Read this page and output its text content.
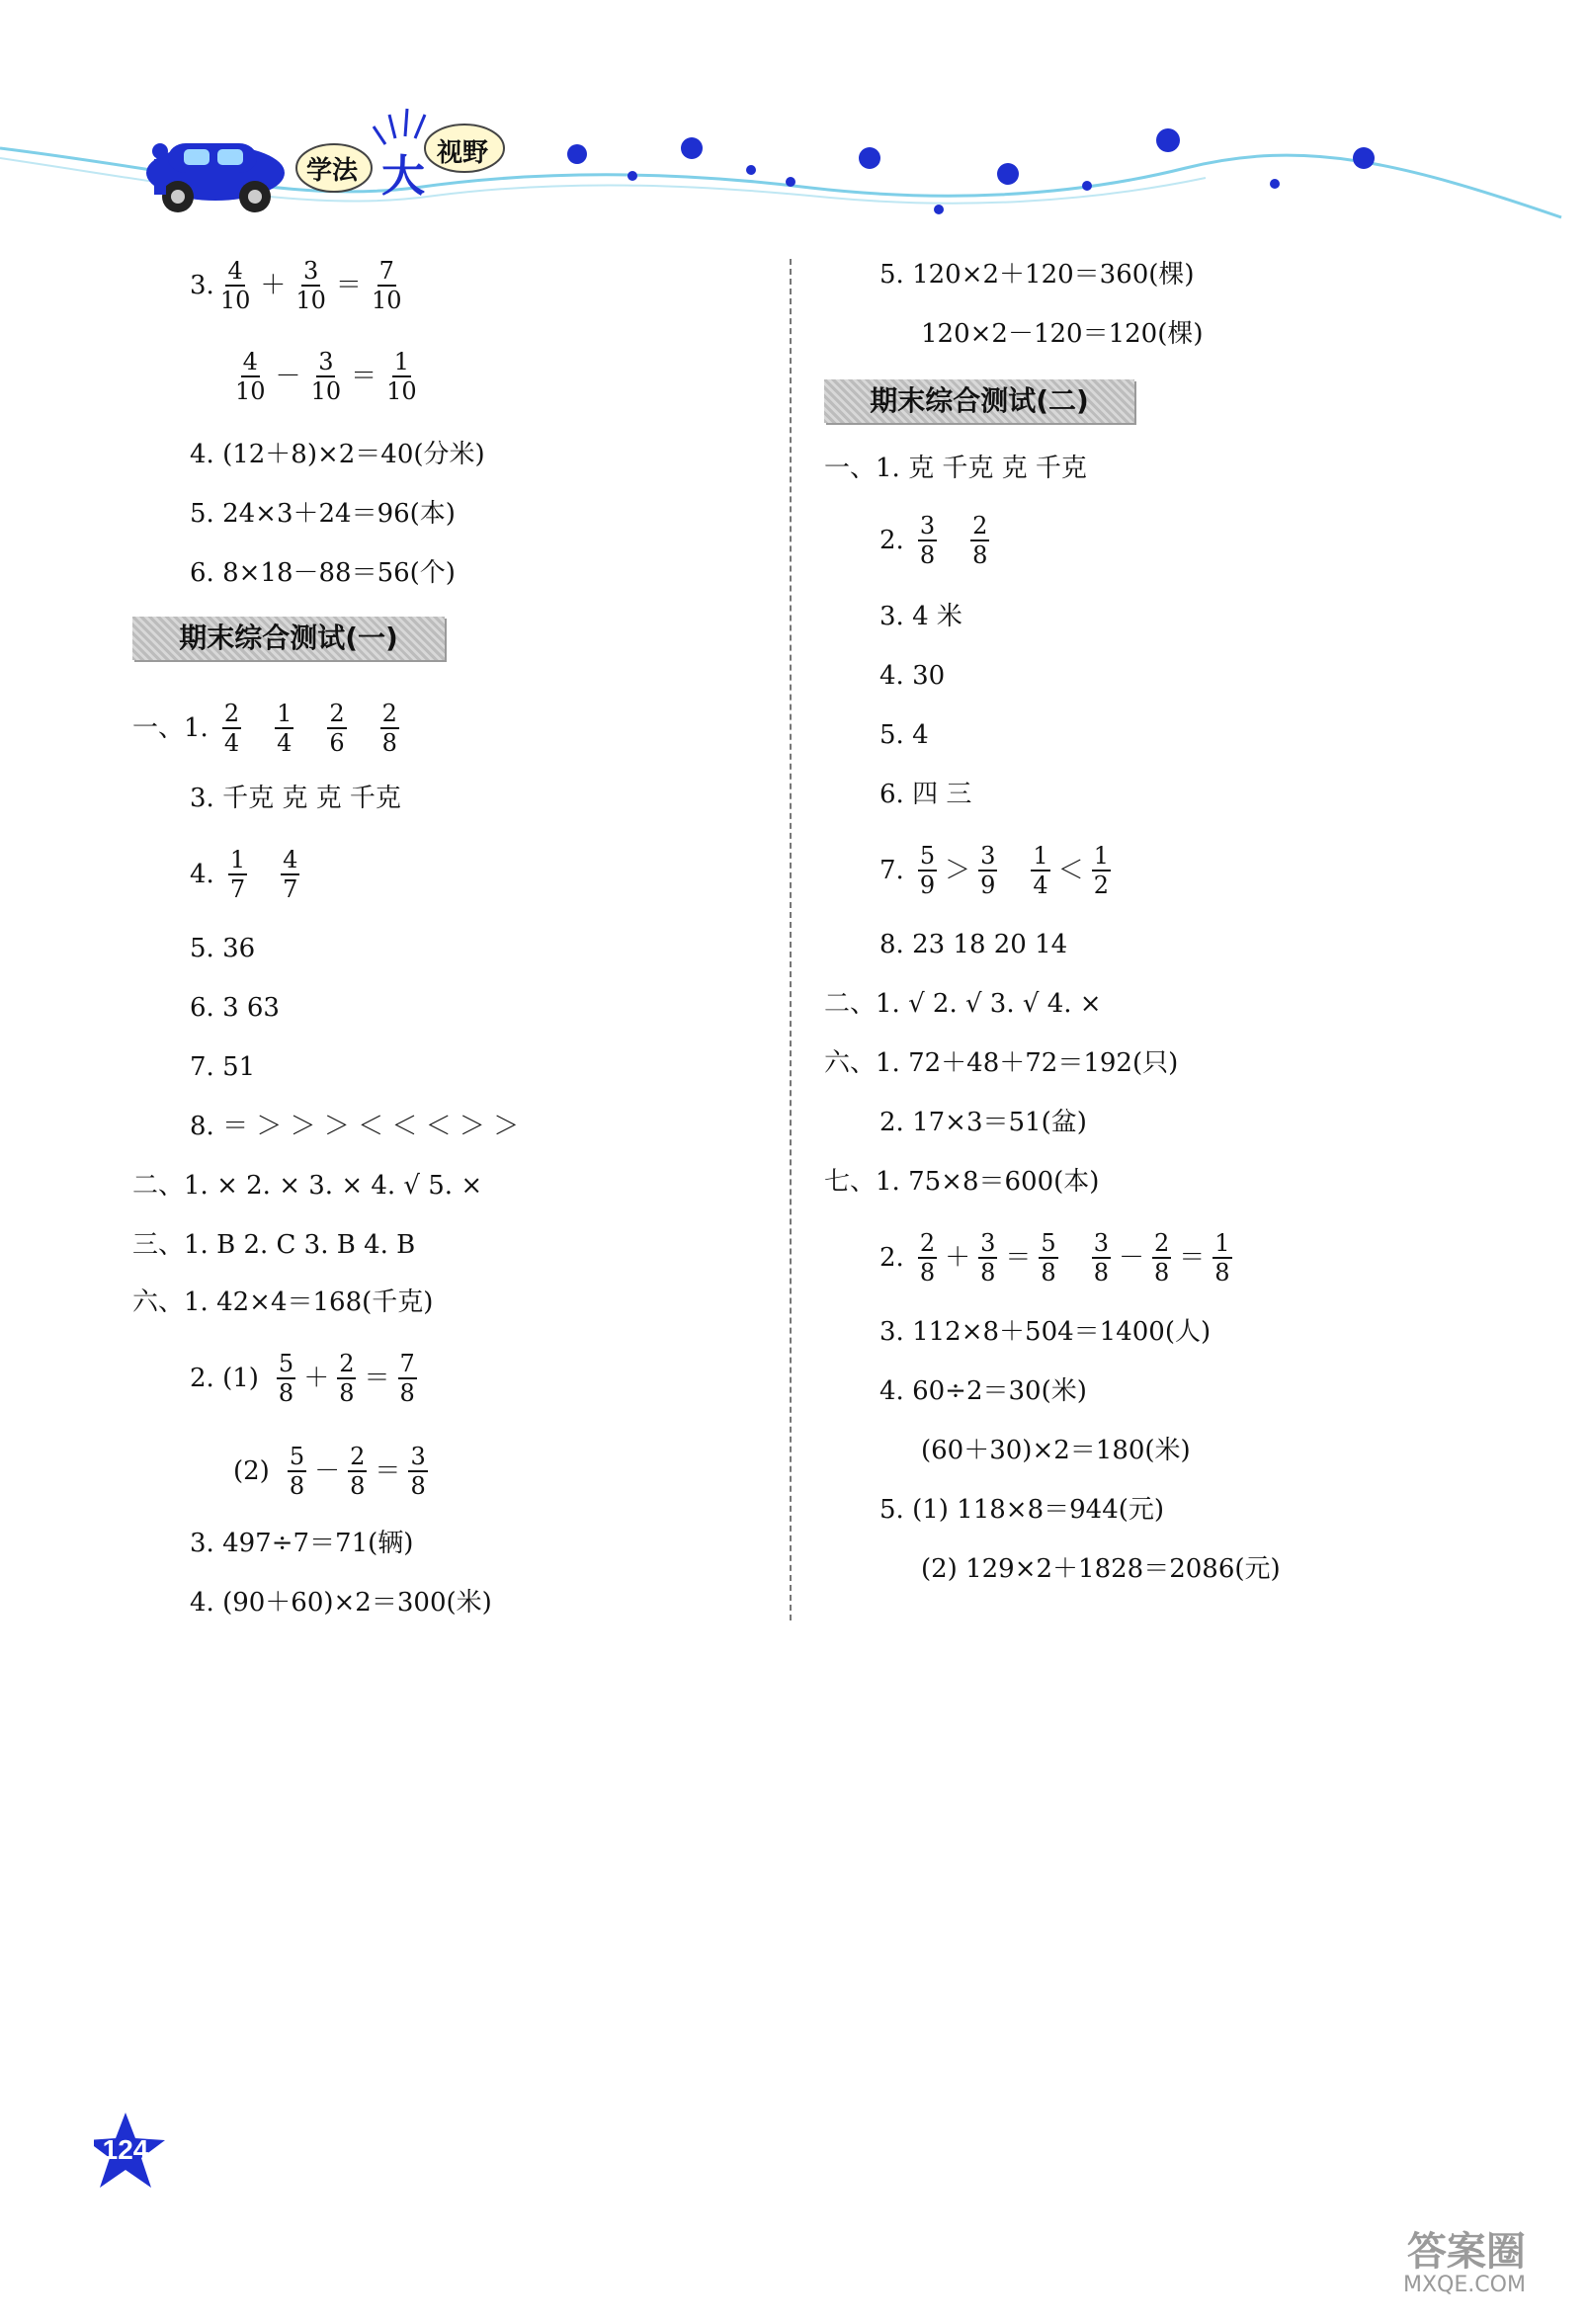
学法 大 视野
3. $\frac{4}{10} + \frac{3}{10} = \frac{7}{10}$
$\frac{4}{10} - \frac{3}{10} = \frac{1}{10}$
4. (12＋8)×2＝40(分米)
5. 24×3＋24＝96(本)
6. 8×18－88＝56(个)
期末综合测试(一)
一、1. $\frac{2}{4} \frac{1}{4} \frac{2}{6} \frac{2}{8}$
3. 千克 克 克 千克
4. $\frac{1}{7} \frac{4}{7}$
5. 36
6. 3 63
7. 51
8. ＝ ＞ ＞ ＞ ＜ ＜ ＜ ＞ ＞
二、1. × 2. × 3. × 4. √ 5. ×
三、1. B 2. C 3. B 4. B
六、1. 42×4＝168(千克)
2. $(1) \frac{5}{8} + \frac{2}{8} = \frac{7}{8}$
$(2) \frac{5}{8} - \frac{2}{8} = \frac{3}{8}$
3. 497÷7＝71(辆)
4. (90＋60)×2＝300(米)
5. 120×2＋120＝360(棵)
120×2－120＝120(棵)
期末综合测试(二)
一、1. 克 千克 克 千克
2. $\frac{3}{8} \frac{2}{8}$
3. 4 米
4. 30
5. 4
6. 四 三
7. $\frac{5}{9} > \frac{3}{9} \frac{1}{4} < \frac{1}{2}$
8. 23 18 20 14
二、1. √ 2. √ 3. √ 4. ×
六、1. 72＋48＋72＝192(只)
2. 17×3＝51(盆)
七、1. 75×8＝600(本)
2. $\frac{2}{8} + \frac{3}{8} = \frac{5}{8} \frac{3}{8} - \frac{2}{8} = \frac{1}{8}$
3. 112×8＋504＝1400(人)
4. 60÷2＝30(米)
(60＋30)×2＝180(米)
5. (1) 118×8＝944(元)
(2) 129×2＋1828＝2086(元)
124
答案圈
MXQE.COM
